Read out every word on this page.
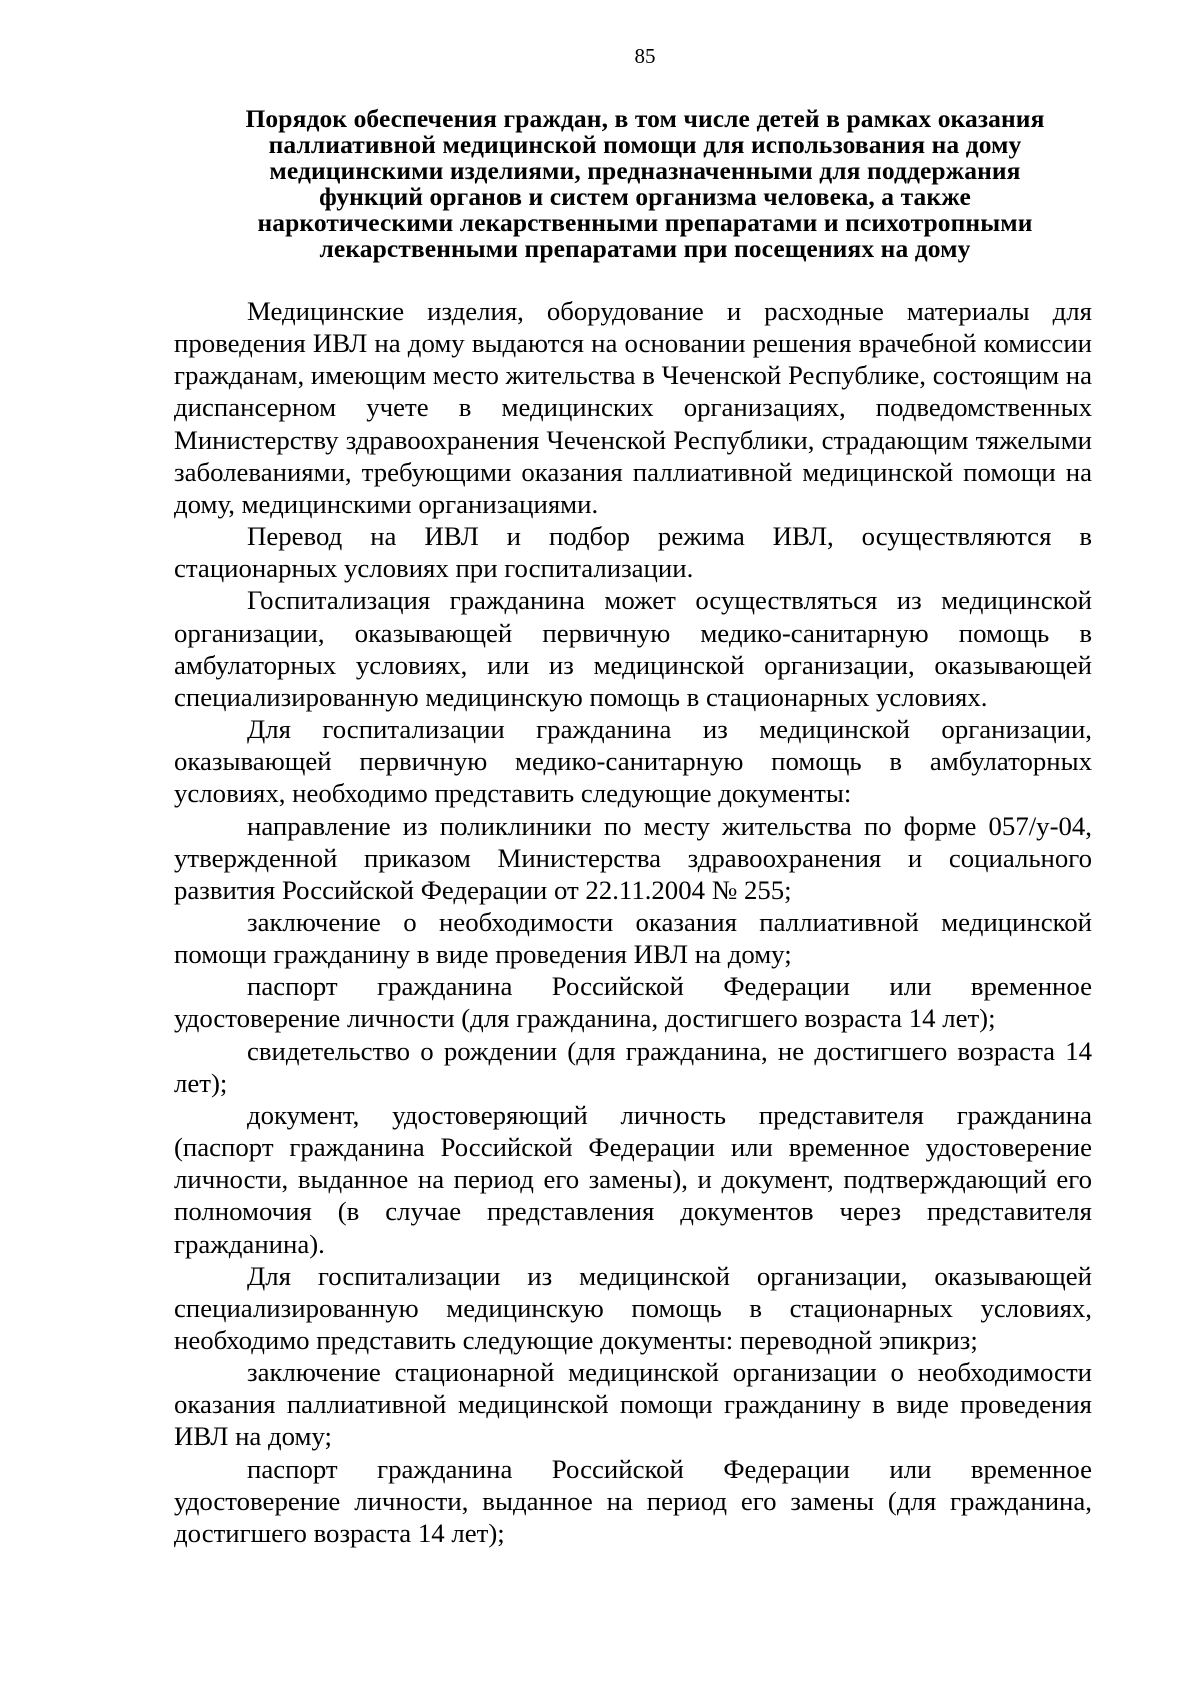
85
Порядок обеспечения граждан, в том числе детей в рамках оказания
паллиативной медицинской помощи для использования на дому
медицинскими изделиями, предназначенными для поддержания
функций органов и систем организма человека, а также
наркотическими лекарственными препаратами и психотропными
лекарственными препаратами при посещениях на дому

Медицинские изделия, оборудование и расходные материалы для проведения ИВЛ на дому выдаются на основании решения врачебной комиссии гражданам, имеющим место жительства в Чеченской Республике, состоящим на диспансерном учете в медицинских организациях, подведомственных Министерству здравоохранения Чеченской Республики, страдающим тяжелыми заболеваниями, требующими оказания паллиативной медицинской помощи на дому, медицинскими организациями.

Перевод на ИВЛ и подбор режима ИВЛ, осуществляются в стационарных условиях при госпитализации.

Госпитализация гражданина может осуществляться из медицинской организации, оказывающей первичную медико-санитарную помощь в амбулаторных условиях, или из медицинской организации, оказывающей специализированную медицинскую помощь в стационарных условиях.

Для госпитализации гражданина из медицинской организации, оказывающей первичную медико-санитарную помощь в амбулаторных условиях, необходимо представить следующие документы:

направление из поликлиники по месту жительства по форме 057/у-04, утвержденной приказом Министерства здравоохранения и социального развития Российской Федерации от 22.11.2004 № 255;

заключение о необходимости оказания паллиативной медицинской помощи гражданину в виде проведения ИВЛ на дому;

паспорт гражданина Российской Федерации или временное удостоверение личности (для гражданина, достигшего возраста 14 лет);

свидетельство о рождении (для гражданина, не достигшего возраста 14 лет);

документ, удостоверяющий личность представителя гражданина (паспорт гражданина Российской Федерации или временное удостоверение личности, выданное на период его замены), и документ, подтверждающий его полномочия (в случае представления документов через представителя гражданина).

Для госпитализации из медицинской организации, оказывающей специализированную медицинскую помощь в стационарных условиях, необходимо представить следующие документы: переводной эпикриз;

заключение стационарной медицинской организации о необходимости оказания паллиативной медицинской помощи гражданину в виде проведения ИВЛ на дому;

паспорт гражданина Российской Федерации или временное удостоверение личности, выданное на период его замены (для гражданина, достигшего возраста 14 лет);
